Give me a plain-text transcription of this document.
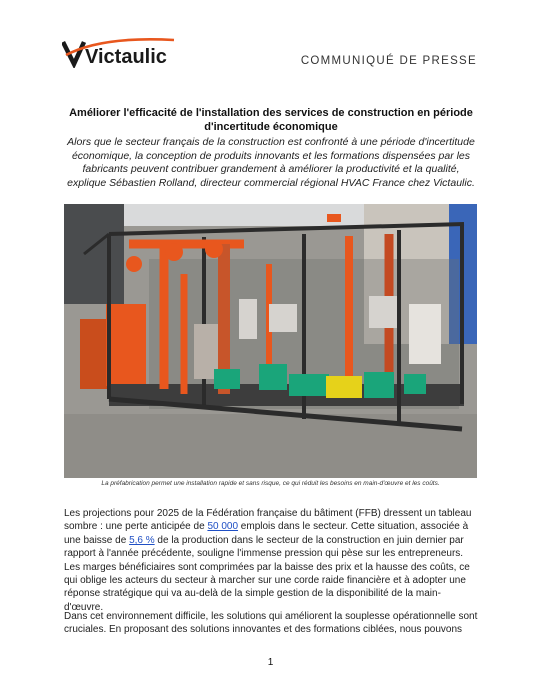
Victaulic	COMMUNIQUÉ DE PRESSE
Améliorer l'efficacité de l'installation des services de construction en période d'incertitude économique
Alors que le secteur français de la construction est confronté à une période d'incertitude économique, la conception de produits innovants et les formations dispensées par les fabricants peuvent contribuer grandement à améliorer la productivité et la qualité, explique Sébastien Rolland, directeur commercial régional HVAC France chez Victaulic.
La préfabrication permet une installation rapide et sans risque, ce qui réduit les besoins en main-d'œuvre et les coûts.

Les projections pour 2025 de la Fédération française du bâtiment (FFB) dressent un tableau sombre : une perte anticipée de 50 000 emplois dans le secteur. Cette situation, associée à une baisse de 5,6 % de la production dans le secteur de la construction en juin dernier par rapport à l'année précédente, souligne l'immense pression qui pèse sur les entrepreneurs. Les marges bénéficiaires sont comprimées par la baisse des prix et la hausse des coûts, ce qui oblige les acteurs du secteur à marcher sur une corde raide financière et à adopter une réponse stratégique qui va au-delà de la simple gestion de la disponibilité de la main-d'œuvre.

Dans cet environnement difficile, les solutions qui améliorent la souplesse opérationnelle sont cruciales. En proposant des solutions innovantes et des formations ciblées, nous pouvons

1
